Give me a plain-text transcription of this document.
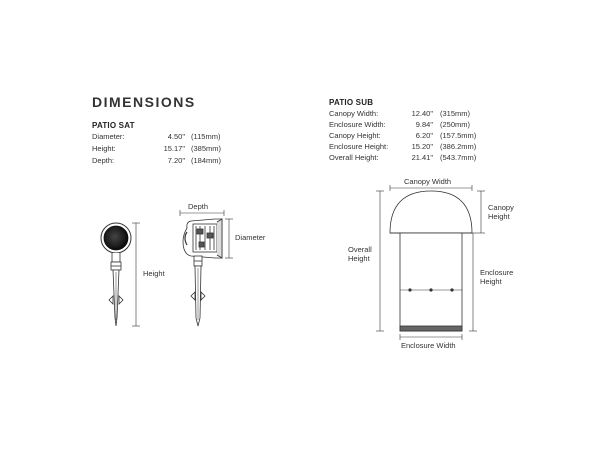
DIMENSIONS
PATIO SAT
Diameter:	4.50" (115mm)
Height:	15.17" (385mm)
Depth:	7.20" (184mm)
PATIO SUB
Canopy Width:	12.40" (315mm)
Enclosure Width:	9.84" (250mm)
Canopy Height:	6.20" (157.5mm)
Enclosure Height:	15.20" (386.2mm)
Overall Height:	21.41" (543.7mm)
Height
Depth
Diameter
Canopy Width
Canopy
Height
Overall
Height
Enclosure
Height
Enclosure Width
